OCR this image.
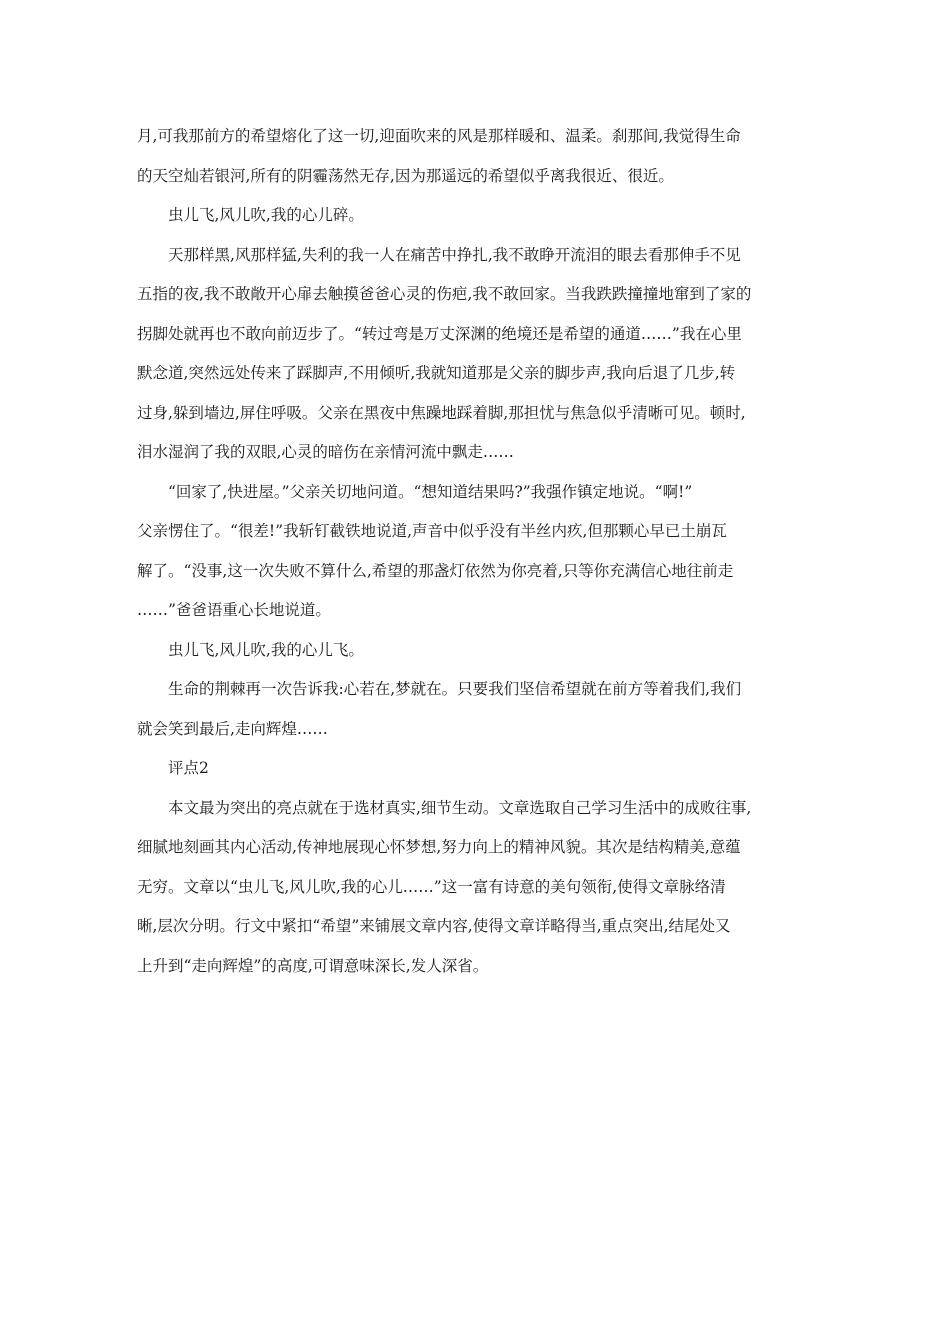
月,可我那前方的希望熔化了这一切,迎面吹来的风是那样暖和、温柔。刹那间,我觉得生命
的天空灿若银河,所有的阴霾荡然无存,因为那遥远的希望似乎离我很近、很近。
虫儿飞,风儿吹,我的心儿碎。
天那样黑,风那样猛,失利的我一人在痛苦中挣扎,我不敢睁开流泪的眼去看那伸手不见
五指的夜,我不敢敞开心扉去触摸爸爸心灵的伤疤,我不敢回家。当我跌跌撞撞地窜到了家的
拐脚处就再也不敢向前迈步了。“转过弯是万丈深渊的绝境还是希望的通道……”我在心里
默念道,突然远处传来了踩脚声,不用倾听,我就知道那是父亲的脚步声,我向后退了几步,转
过身,躲到墙边,屏住呼吸。父亲在黑夜中焦躁地踩着脚,那担忧与焦急似乎清晰可见。顿时,
泪水湿润了我的双眼,心灵的暗伤在亲情河流中飘走……
“回家了,快进屋。”父亲关切地问道。“想知道结果吗?”我强作镇定地说。“啊!”
父亲愣住了。“很差!”我斩钉截铁地说道,声音中似乎没有半丝内疚,但那颗心早已土崩瓦
解了。“没事,这一次失败不算什么,希望的那盏灯依然为你亮着,只等你充满信心地往前走
……”爸爸语重心长地说道。
虫儿飞,风儿吹,我的心儿飞。
生命的荆棘再一次告诉我:心若在,梦就在。只要我们坚信希望就在前方等着我们,我们
就会笑到最后,走向辉煌……
评点2
本文最为突出的亮点就在于选材真实,细节生动。文章选取自己学习生活中的成败往事,
细腻地刻画其内心活动,传神地展现心怀梦想,努力向上的精神风貌。其次是结构精美,意蕴
无穷。文章以“虫儿飞,风儿吹,我的心儿……”这一富有诗意的美句领衔,使得文章脉络清
晰,层次分明。行文中紧扣“希望”来铺展文章内容,使得文章详略得当,重点突出,结尾处又
上升到“走向辉煌”的高度,可谓意味深长,发人深省。
